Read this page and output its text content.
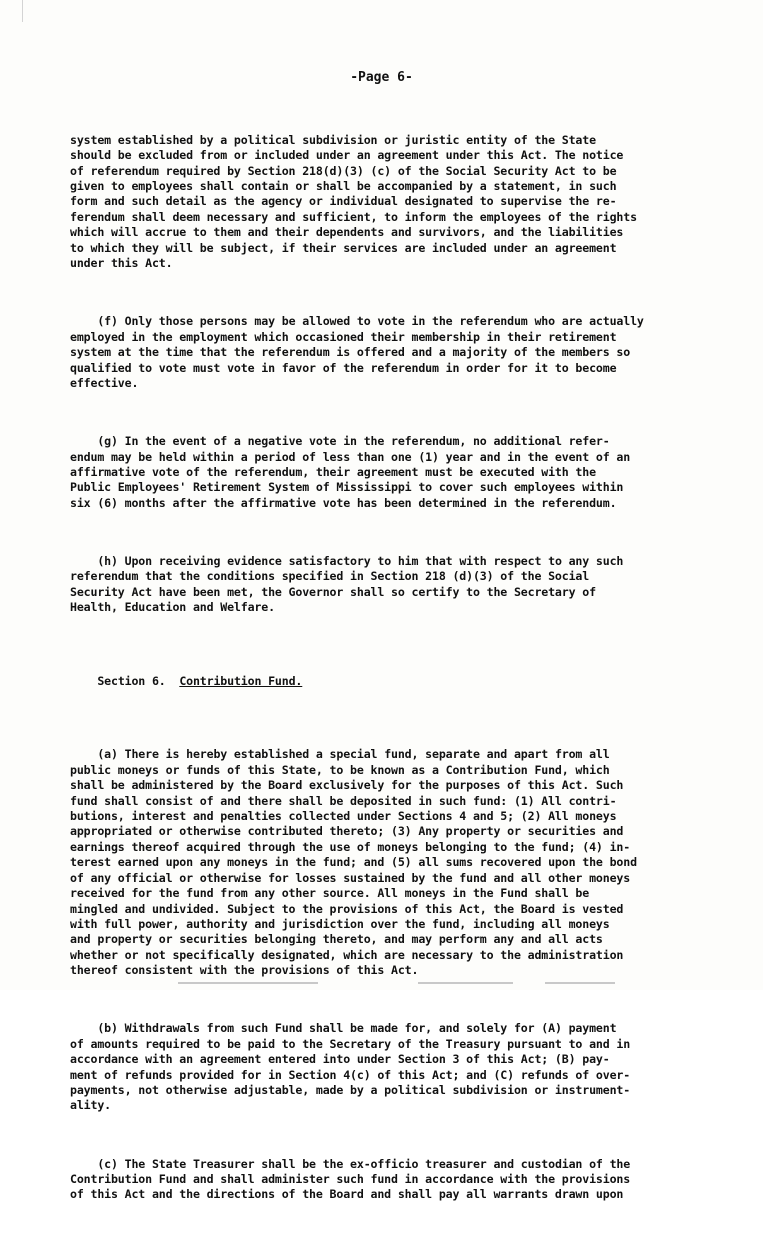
-Page 6-

system established by a political subdivision or juristic entity of the State
should be excluded from or included under an agreement under this Act. The notice
of referendum required by Section 218(d)(3) (c) of the Social Security Act to be
given to employees shall contain or shall be accompanied by a statement, in such
form and such detail as the agency or individual designated to supervise the re-
ferendum shall deem necessary and sufficient, to inform the employees of the rights
which will accrue to them and their dependents and survivors, and the liabilities
to which they will be subject, if their services are included under an agreement
under this Act.

(f) Only those persons may be allowed to vote in the referendum who are actually
employed in the employment which occasioned their membership in their retirement
system at the time that the referendum is offered and a majority of the members so
qualified to vote must vote in favor of the referendum in order for it to become
effective.

(g) In the event of a negative vote in the referendum, no additional refer-
endum may be held within a period of less than one (1) year and in the event of an
affirmative vote of the referendum, their agreement must be executed with the
Public Employees' Retirement System of Mississippi to cover such employees within
six (6) months after the affirmative vote has been determined in the referendum.

(h) Upon receiving evidence satisfactory to him that with respect to any such
referendum that the conditions specified in Section 218 (d)(3) of the Social
Security Act have been met, the Governor shall so certify to the Secretary of
Health, Education and Welfare.

Section 6. Contribution Fund.

(a) There is hereby established a special fund, separate and apart from all
public moneys or funds of this State, to be known as a Contribution Fund, which
shall be administered by the Board exclusively for the purposes of this Act. Such
fund shall consist of and there shall be deposited in such fund: (1) All contri-
butions, interest and penalties collected under Sections 4 and 5; (2) All moneys
appropriated or otherwise contributed thereto; (3) Any property or securities and
earnings thereof acquired through the use of moneys belonging to the fund; (4) in-
terest earned upon any moneys in the fund; and (5) all sums recovered upon the bond
of any official or otherwise for losses sustained by the fund and all other moneys
received for the fund from any other source. All moneys in the Fund shall be
mingled and undivided. Subject to the provisions of this Act, the Board is vested
with full power, authority and jurisdiction over the fund, including all moneys
and property or securities belonging thereto, and may perform any and all acts
whether or not specifically designated, which are necessary to the administration
thereof consistent with the provisions of this Act.

(b) Withdrawals from such Fund shall be made for, and solely for (A) payment
of amounts required to be paid to the Secretary of the Treasury pursuant to and in
accordance with an agreement entered into under Section 3 of this Act; (B) pay-
ment of refunds provided for in Section 4(c) of this Act; and (C) refunds of over-
payments, not otherwise adjustable, made by a political subdivision or instrument-
ality.

(c) The State Treasurer shall be the ex-officio treasurer and custodian of the
Contribution Fund and shall administer such fund in accordance with the provisions
of this Act and the directions of the Board and shall pay all warrants drawn upon
